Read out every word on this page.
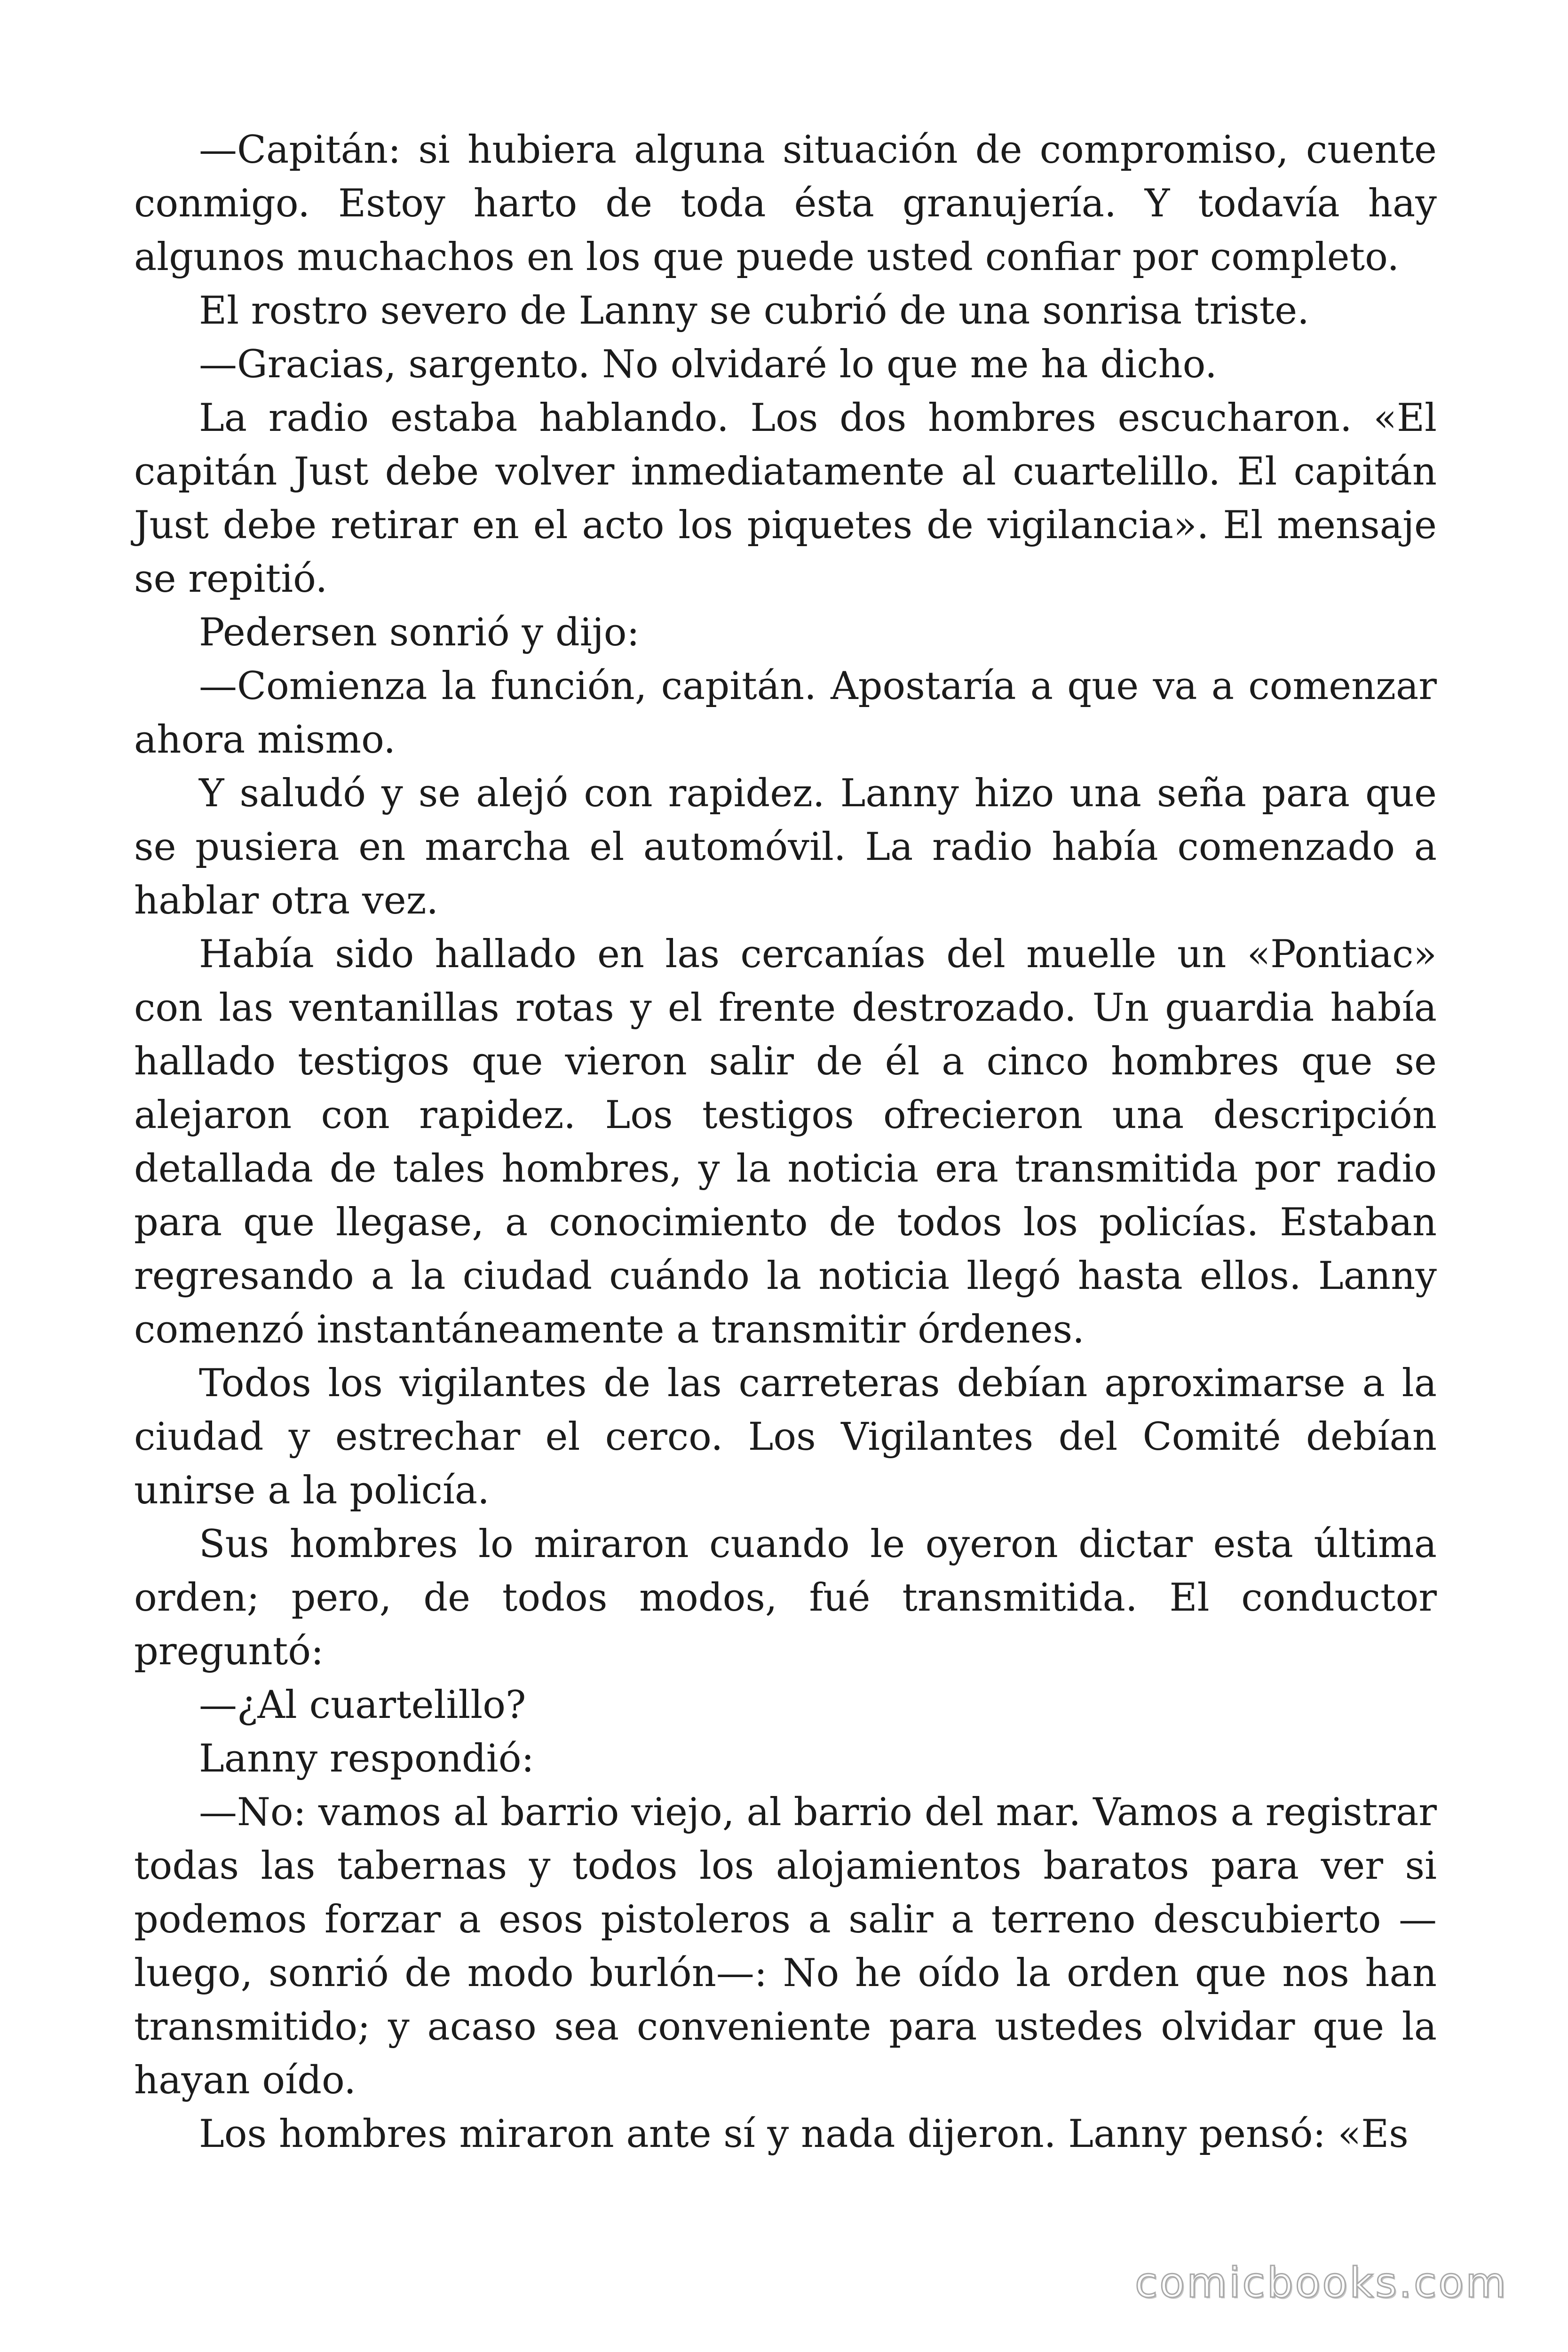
—Capitán: si hubiera alguna situación de compromiso, cuente conmigo. Estoy harto de toda ésta granujería. Y todavía hay algunos muchachos en los que puede usted confiar por completo.

El rostro severo de Lanny se cubrió de una sonrisa triste.

—Gracias, sargento. No olvidaré lo que me ha dicho.

La radio estaba hablando. Los dos hombres escucharon. «El capitán Just debe volver inmediatamente al cuartelillo. El capitán Just debe retirar en el acto los piquetes de vigilancia». El mensaje se repitió.

Pedersen sonrió y dijo:

—Comienza la función, capitán. Apostaría a que va a comenzar ahora mismo.

Y saludó y se alejó con rapidez. Lanny hizo una seña para que se pusiera en marcha el automóvil. La radio había comenzado a hablar otra vez.

Había sido hallado en las cercanías del muelle un «Pontiac» con las ventanillas rotas y el frente destrozado. Un guardia había hallado testigos que vieron salir de él a cinco hombres que se alejaron con rapidez. Los testigos ofrecieron una descripción detallada de tales hombres, y la noticia era transmitida por radio para que llegase, a conocimiento de todos los policías. Estaban regresando a la ciudad cuándo la noticia llegó hasta ellos. Lanny comenzó instantáneamente a transmitir órdenes.

Todos los vigilantes de las carreteras debían aproximarse a la ciudad y estrechar el cerco. Los Vigilantes del Comité debían unirse a la policía.

Sus hombres lo miraron cuando le oyeron dictar esta última orden; pero, de todos modos, fué transmitida. El conductor preguntó:

—¿Al cuartelillo?

Lanny respondió:

—No: vamos al barrio viejo, al barrio del mar. Vamos a registrar todas las tabernas y todos los alojamientos baratos para ver si podemos forzar a esos pistoleros a salir a terreno descubierto —luego, sonrió de modo burlón—: No he oído la orden que nos han transmitido; y acaso sea conveniente para ustedes olvidar que la hayan oído.

Los hombres miraron ante sí y nada dijeron. Lanny pensó: «Es

comicbooks.com
